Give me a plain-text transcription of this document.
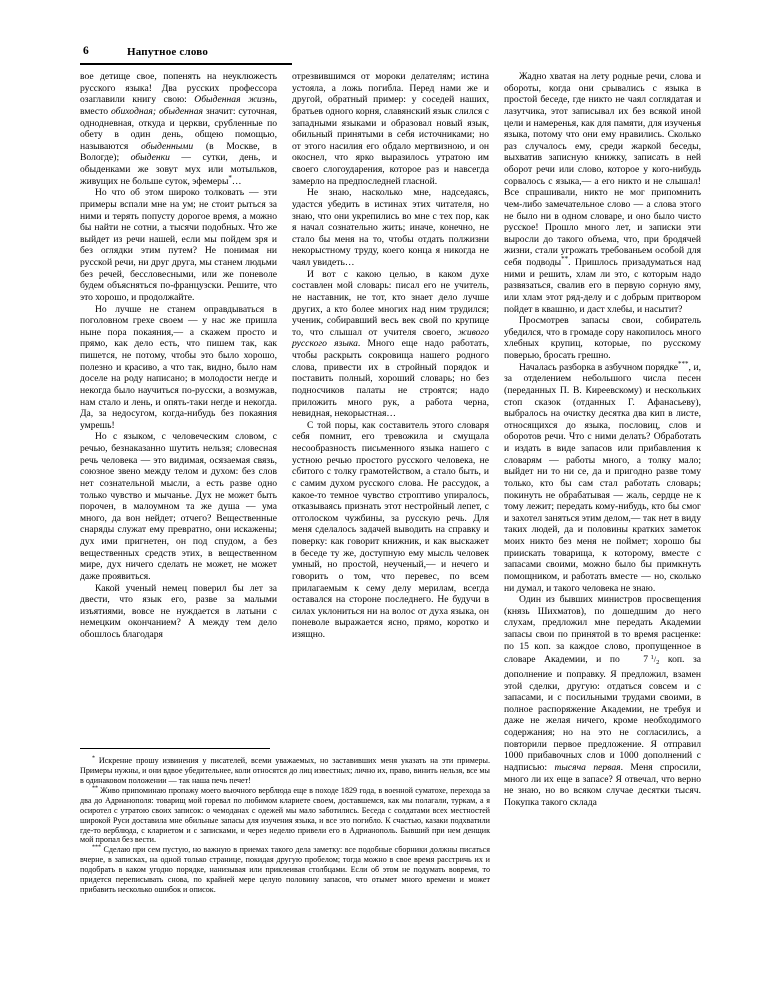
6	Напутное слово

вое детище свое, попенять на неуклюжесть русского языка! Два русских профессора озаглавили книгу свою: Обыденная жизнь, вместо обиходная; обыденная значит: суточная, однодневная, откуда и церкви, срубленные по обету в один день, общею помощью, называются обыденными (в Москве, в Вологде); обыденки — сутки, день, и обыденками же зовут мух или мотыльков, живущих не больше суток, эфемеры*…

Но что об этом широко толковать — эти примеры вспали мне на ум; не стоит рыться за ними и терять попусту дорогое время, а можно бы найти не сотни, а тысячи подобных. Что же выйдет из речи нашей, если мы пойдем зря и без оглядки этим путем? Не понимая ни русской речи, ни друг друга, мы станем людьми без речей, бессловесными, или же поневоле будем объясняться по-французски. Решите, что это хорошо, и продолжайте.

Но лучше не станем оправдываться в поголовном грехе своем — у нас же пришла ныне пора покаяния,— а скажем просто и прямо, как дело есть, что пишем так, как пишется, не потому, чтобы это было хорошо, полезно и красиво, а что так, видно, было нам доселе на роду написано; в молодости негде и некогда было научиться по-русски, а возмужав, нам стало и лень, и опять-таки негде и некогда. Да, за недосугом, когда-нибудь без покаяния умрешь!

Но с языком, с человеческим словом, с речью, безнаказанно шутить нельзя; словесная речь человека — это видимая, осязаемая связь, союзное звено между телом и духом: без слов нет сознательной мысли, а есть разве одно только чувство и мычанье. Дух не может быть порочен, в малоумном та же душа — ума много, да вон нейдет; отчего? Вещественные снаряды служат ему превратно, они искажены; дух ими пригнетен, он под спудом, а без вещественных средств этих, в вещественном мире, дух ничего сделать не может, не может даже проявиться.

Какой ученый немец поверил бы лет за двести, что язык его, разве за малыми изъятиями, вовсе не нуждается в латыни с немецким окончанием? А между тем дело обошлось благодаря

отрезвившимся от мороки делателям; истина устояла, а ложь погибла. Перед нами же и другой, обратный пример: у соседей наших, братьев одного корня, славянский язык слился с западными языками и образовал новый язык, обильный принятыми в себя источниками; но от этого насилия его обдало мертвизною, и он окоснел, что ярко выразилось утратою им своего слогоударения, которое раз и навсегда замерло на предпоследней гласной.

Не знаю, насколько мне, надседаясь, удастся убедить в истинах этих читателя, но знаю, что они укрепились во мне с тех пор, как я начал сознательно жить; иначе, конечно, не стало бы меня на то, чтобы отдать полжизни некорыстному труду, коего конца я никогда не чаял увидеть…

И вот с какою целью, в каком духе составлен мой словарь: писал его не учитель, не наставник, не тот, кто знает дело лучше других, а кто более многих над ним трудился; ученик, собиравший весь век свой по крупице то, что слышал от учителя своего, живого русского языка. Много еще надо работать, чтобы раскрыть сокровища нашего родного слова, привести их в стройный порядок и поставить полный, хороший словарь; но без подносчиков палаты не строятся; надо приложить много рук, а работа черна, невидная, некорыстная…

С той поры, как составитель этого словаря себя помнит, его тревожила и смущала несообразность письменного языка нашего с устною речью простого русского человека, не сбитого с толку грамотейством, а стало быть, и с самим духом русского слова. Не рассудок, а какое-то темное чувство строптиво упиралось, отказываясь признать этот нестройный лепет, с отголоском чужбины, за русскую речь. Для меня сделалось задачей выводить на справку и поверку: как говорит книжник, и как выскажет в беседе ту же, доступную ему мысль человек умный, но простой, неученый,— и нечего и говорить о том, что перевес, по всем прилагаемым к сему делу мерилам, всегда оставался на стороне последнего. Не будучи в силах уклониться ни на волос от духа языка, он поневоле выражается ясно, прямо, коротко и изящно.

Жадно хватая на лету родные речи, слова и обороты, когда они срывались с языка в простой беседе, где никто не чаял соглядатая и лазутчика, этот записывал их без всякой иной цели и намеренья, как для памяти, для изученья языка, потому что они ему нравились. Сколько раз случалось ему, среди жаркой беседы, выхватив записную книжку, записать в ней оборот речи или слово, которое у кого-нибудь сорвалось с языка,— а его никто и не слышал! Все спрашивали, никто не мог припомнить чем-либо замечательное слово — а слова этого не было ни в одном словаре, и оно было чисто русское! Прошло много лет, и записки эти выросли до такого объема, что, при бродячей жизни, стали угрожать требованьем особой для себя подводы**. Пришлось призадуматься над ними и решить, хлам ли это, с которым надо развязаться, свалив его в первую сорную яму, или хлам этот ряд-делу и с добрым притвором пойдет в квашню, и даст хлебы, и насытит?

Просмотрев запасы свои, собиратель убедился, что в громаде сору накопилось много хлебных крупиц, которые, по русскому поверью, бросать грешно.

Началась разборка в азбучном порядке***, и, за отделением небольшого числа песен (переданных П. В. Киреевскому) и нескольких стоп сказок (отданных Г. Афанасьеву), выбралось на очистку десятка два кип в листе, относящихся до языка, пословиц, слов и оборотов речи. Что с ними делать? Обработать и издать в виде запасов или прибавления к словарям — работы много, а толку мало; выйдет ни то ни се, да и пригодно разве тому только, кто бы сам стал работать словарь; покинуть не обрабатывая — жаль, сердце не к тому лежит; передать кому-нибудь, кто бы смог и захотел заняться этим делом,— так нет в виду таких людей, да и половины кратких заметок моих никто без меня не поймет; хорошо бы приискать товарища, к которому, вместе с запасами своими, можно было бы примкнуть помощником, и работать вместе — но, сколько ни думал, и такого человека не знаю.

Один из бывших министров просвещения (князь Шихматов), по дошедшим до него слухам, предложил мне передать Академии запасы свои по принятой в то время расценке: по 15 коп. за каждое слово, пропущенное в словаре Академии, и по 7 $^1/_2$ коп. за дополнение и поправку. Я предложил, взамен этой сделки, другую: отдаться совсем и с запасами, и с посильными трудами своими, в полное распоряжение Академии, не требуя и даже не желая ничего, кроме необходимого содержания; но на это не согласились, а повторили первое предложение. Я отправил 1000 прибавочных слов и 1000 дополнений с надписью: тысяча первая. Меня спросили, много ли их еще в запасе? Я отвечал, что верно не знаю, но во всяком случае десятки тысяч. Покупка такого склада

* Искренне прошу извинения у писателей, всеми уважаемых, но заставивших меня указать на эти примеры. Примеры нужны, и они вдвое убедительнее, коли относятся до лиц известных; лично их, право, винить нельзя, все мы в одинаковом положении — так наша печь печет!

** Живо припоминаю пропажу моего вьючного верблюда еще в походе 1829 года, в военной суматохе, перехода за два до Адрианополя: товарищ мой горевал по любимом клариете своем, доставшемся, как мы полагали, туркам, а я осиротел с утратою своих записок: о чемоданах с одежей мы мало заботились. Беседа с солдатами всех местностей широкой Руси доставила мне обильные запасы для изучения языка, и все это погибло. К счастью, казаки подхватили где-то верблюда, с клариетом и с записками, и через неделю привели его в Адрианополь. Бывший при нем денщик мой пропал без вести.

*** Сделаю при сем пустую, но важную в приемах такого дела заметку: все подобные сборники должны писаться вчерне, в записках, на одной только странице, покидая другую пробелом; тогда можно в свое время расстричь их и подобрать в каком угодно порядке, нанизывая или приклеивая столбцами. Если об этом не подумать вовремя, то придется переписывать снова, по крайней мере целую половину запасов, что отымет много времени и может прибавить несколько ошибок и описок.
